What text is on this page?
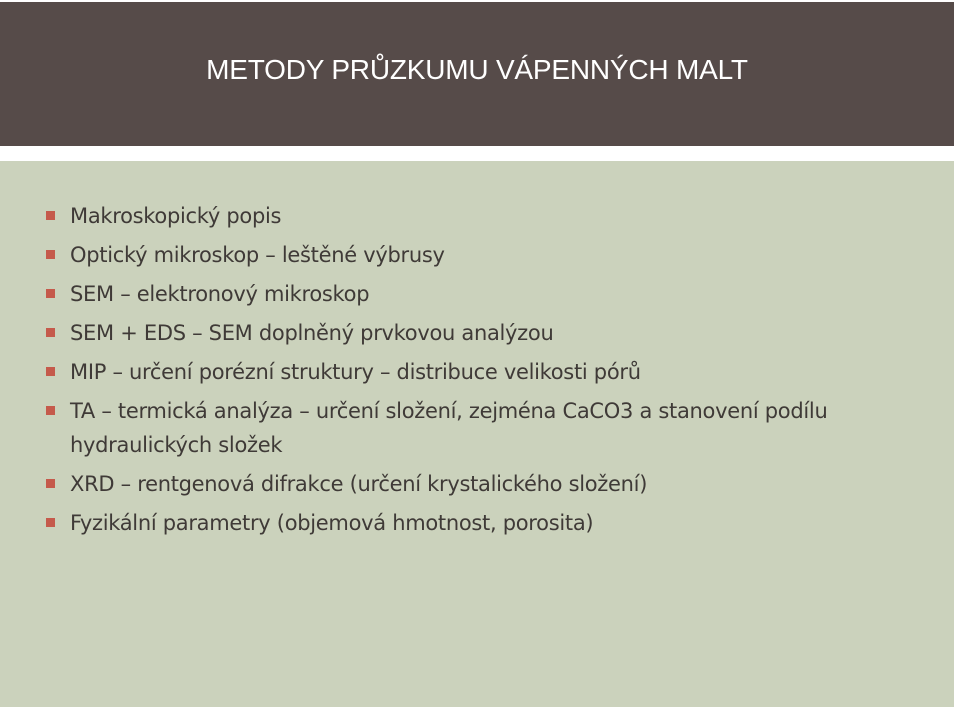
METODY PRŮZKUMU VÁPENNÝCH MALT
Makroskopický popis
Optický mikroskop – leštěné výbrusy
SEM – elektronový mikroskop
SEM + EDS – SEM doplněný prvkovou analýzou
MIP – určení porézní struktury – distribuce velikosti pórů
TA – termická analýza – určení složení, zejména CaCO3 a stanovení podílu hydraulických složek
XRD – rentgenová difrakce (určení krystalického složení)
Fyzikální parametry (objemová hmotnost, porosita)
